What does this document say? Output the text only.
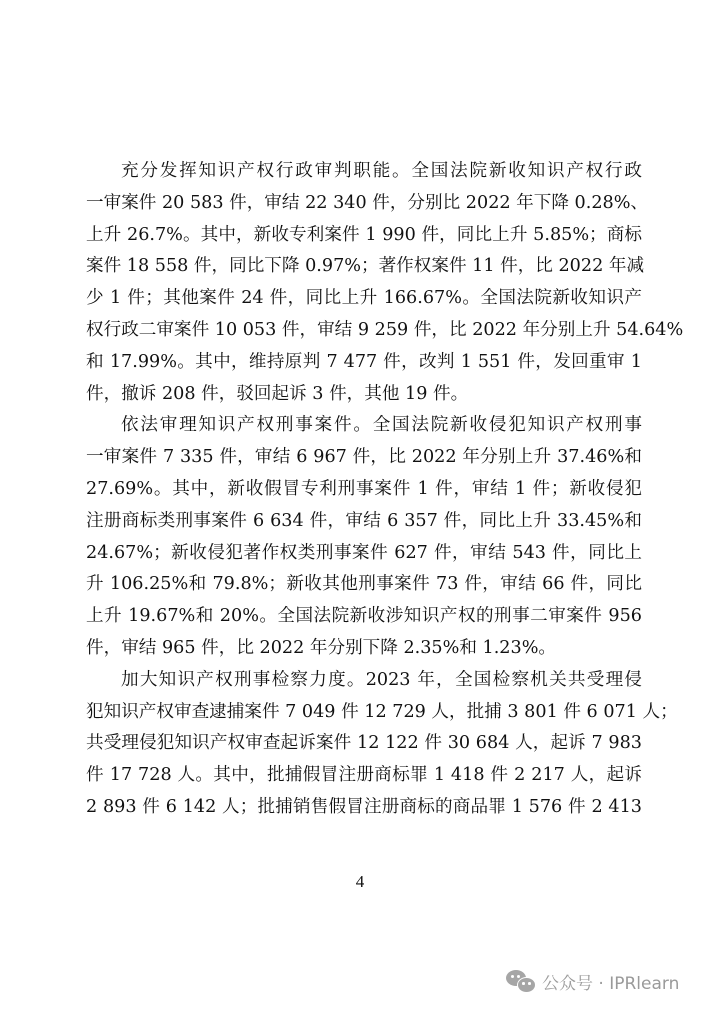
充分发挥知识产权行政审判职能。全国法院新收知识产权行政
一审案件 20 583 件，审结 22 340 件，分别比 2022 年下降 0.28%、
上升 26.7%。其中，新收专利案件 1 990 件，同比上升 5.85%；商标
案件 18 558 件，同比下降 0.97%；著作权案件 11 件，比 2022 年减
少 1 件；其他案件 24 件，同比上升 166.67%。全国法院新收知识产
权行政二审案件 10 053 件，审结 9 259 件，比 2022 年分别上升 54.64%
和 17.99%。其中，维持原判 7 477 件，改判 1 551 件，发回重审 1
件，撤诉 208 件，驳回起诉 3 件，其他 19 件。
依法审理知识产权刑事案件。全国法院新收侵犯知识产权刑事
一审案件 7 335 件，审结 6 967 件，比 2022 年分别上升 37.46%和
27.69%。其中，新收假冒专利刑事案件 1 件，审结 1 件；新收侵犯
注册商标类刑事案件 6 634 件，审结 6 357 件，同比上升 33.45%和
24.67%；新收侵犯著作权类刑事案件 627 件，审结 543 件，同比上
升 106.25%和 79.8%；新收其他刑事案件 73 件，审结 66 件，同比
上升 19.67%和 20%。全国法院新收涉知识产权的刑事二审案件 956
件，审结 965 件，比 2022 年分别下降 2.35%和 1.23%。
加大知识产权刑事检察力度。2023 年，全国检察机关共受理侵
犯知识产权审查逮捕案件 7 049 件 12 729 人，批捕 3 801 件 6 071 人；
共受理侵犯知识产权审查起诉案件 12 122 件 30 684 人，起诉 7 983
件 17 728 人。其中，批捕假冒注册商标罪 1 418 件 2 217 人，起诉
2 893 件 6 142 人；批捕销售假冒注册商标的商品罪 1 576 件 2 413
4
公众号 · IPRlearn
